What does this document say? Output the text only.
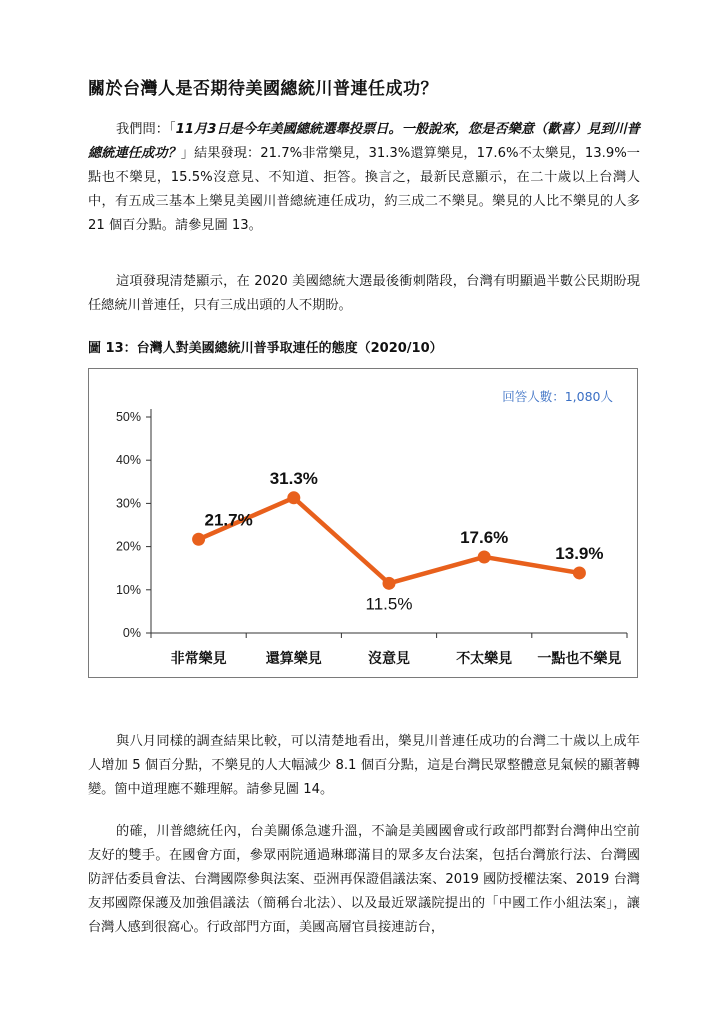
關於台灣人是否期待美國總統川普連任成功？

我們問：「11月3日是今年美國總統選舉投票日。一般說來，您是否樂意（歡喜）見到川普總統連任成功？」結果發現：21.7%非常樂見，31.3%還算樂見，17.6%不太樂見，13.9%一點也不樂見，15.5%沒意見、不知道、拒答。換言之，最新民意顯示，在二十歲以上台灣人中，有五成三基本上樂見美國川普總統連任成功，約三成二不樂見。樂見的人比不樂見的人多 21 個百分點。請參見圖 13。

這項發現清楚顯示，在 2020 美國總統大選最後衝刺階段，台灣有明顯過半數公民期盼現任總統川普連任，只有三成出頭的人不期盼。

圖 13：台灣人對美國總統川普爭取連任的態度（2020/10）

0%
10%
20%
30%
40%
50%
21.7%
非常樂見
31.3%
還算樂見
11.5%
沒意見
17.6%
不太樂見
13.9%
一點也不樂見
回答人數：1,080人

與八月同樣的調查結果比較，可以清楚地看出，樂見川普連任成功的台灣二十歲以上成年人增加 5 個百分點，不樂見的人大幅減少 8.1 個百分點，這是台灣民眾整體意見氣候的顯著轉變。箇中道理應不難理解。請參見圖 14。

的確，川普總統任內，台美關係急遽升溫，不論是美國國會或行政部門都對台灣伸出空前友好的雙手。在國會方面，參眾兩院通過琳瑯滿目的眾多友台法案，包括台灣旅行法、台灣國防評估委員會法、台灣國際參與法案、亞洲再保證倡議法案、2019 國防授權法案、2019 台灣友邦國際保護及加強倡議法（簡稱台北法）、以及最近眾議院提出的「中國工作小組法案」，讓台灣人感到很窩心。行政部門方面，美國高層官員接連訪台，
